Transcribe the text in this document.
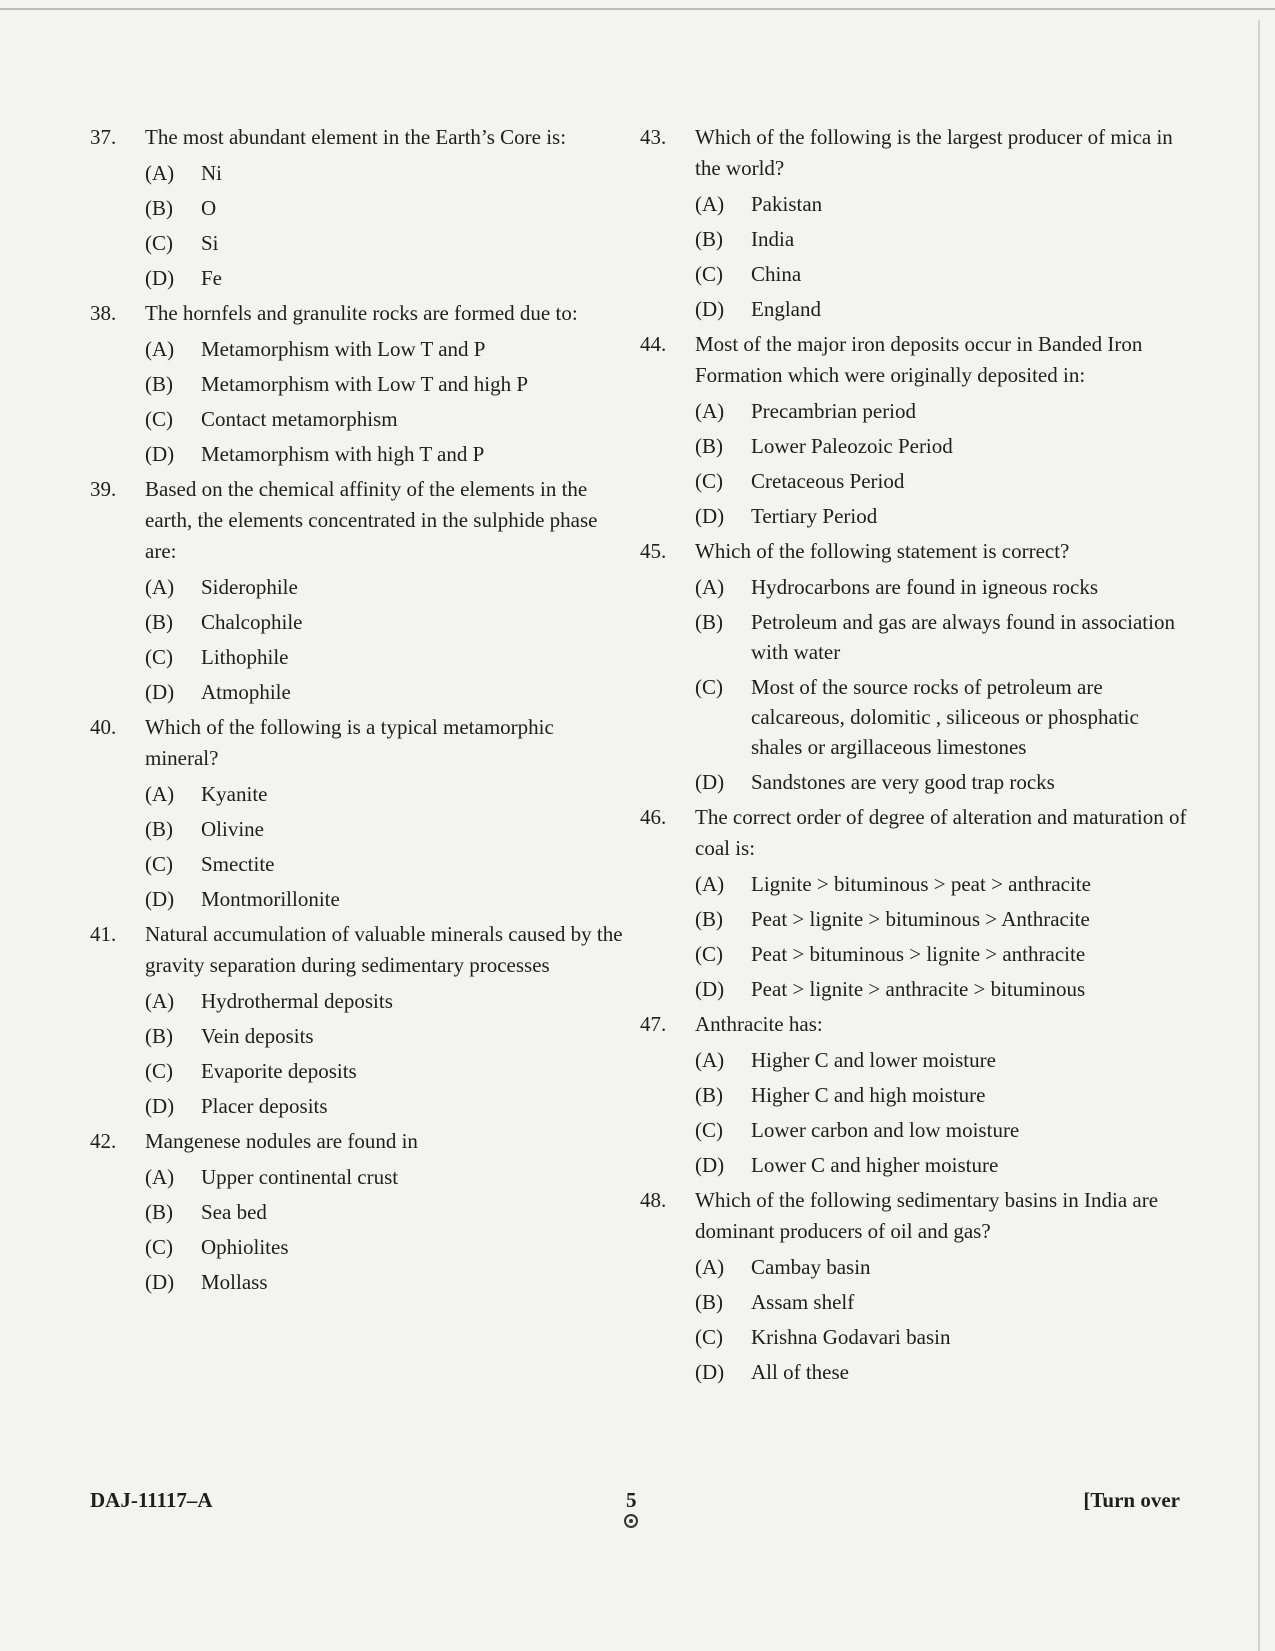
37.	The most abundant element in the Earth’s Core is:
(A)	Ni
(B)	O
(C)	Si
(D)	Fe
38.	The hornfels and granulite rocks are formed due to:
(A)	Metamorphism with Low T and P
(B)	Metamorphism with Low T and high P
(C)	Contact metamorphism
(D)	Metamorphism with high T and P
39.	Based on the chemical affinity of the elements in the earth, the elements concentrated in the sulphide phase are:
(A)	Siderophile
(B)	Chalcophile
(C)	Lithophile
(D)	Atmophile
40.	Which of the following is a typical metamorphic mineral?
(A)	Kyanite
(B)	Olivine
(C)	Smectite
(D)	Montmorillonite
41.	Natural accumulation of valuable minerals caused by the gravity separation during sedimentary processes
(A)	Hydrothermal deposits
(B)	Vein deposits
(C)	Evaporite deposits
(D)	Placer deposits
42.	Mangenese nodules are found in
(A)	Upper continental crust
(B)	Sea bed
(C)	Ophiolites
(D)	Mollass
43.	Which of the following is the largest producer of mica in the world?
(A)	Pakistan
(B)	India
(C)	China
(D)	England
44.	Most of the major iron deposits occur in Banded Iron Formation which were originally deposited in:
(A)	Precambrian period
(B)	Lower Paleozoic Period
(C)	Cretaceous Period
(D)	Tertiary Period
45.	Which of the following statement is correct?
(A)	Hydrocarbons are found in igneous rocks
(B)	Petroleum and gas are always found in association with water
(C)	Most of the source rocks of petroleum are calcareous, dolomitic , siliceous or phosphatic shales or argillaceous limestones
(D)	Sandstones are very good trap rocks
46.	The correct order of degree of alteration and maturation of coal is:
(A)	Lignite > bituminous > peat > anthracite
(B)	Peat > lignite > bituminous > Anthracite
(C)	Peat > bituminous > lignite > anthracite
(D)	Peat > lignite > anthracite > bituminous
47.	Anthracite has:
(A)	Higher C and lower moisture
(B)	Higher C and high moisture
(C)	Lower carbon and low moisture
(D)	Lower C and higher moisture
48.	Which of the following sedimentary basins in India are dominant producers of oil and gas?
(A)	Cambay basin
(B)	Assam shelf
(C)	Krishna Godavari basin
(D)	All of these
DAJ-11117–A	5	[Turn over
